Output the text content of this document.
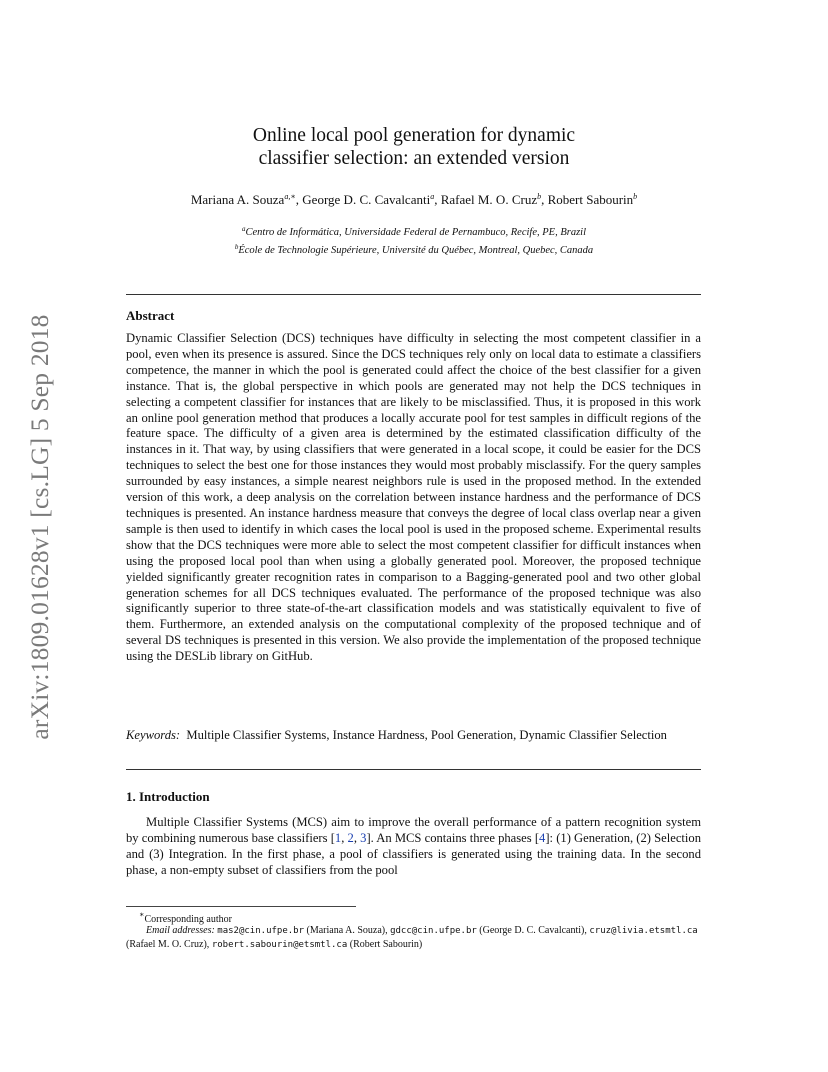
arXiv:1809.01628v1 [cs.LG] 5 Sep 2018
Online local pool generation for dynamic
classifier selection: an extended version
Mariana A. Souza$^{a,∗}$, George D. C. Cavalcanti$^a$, Rafael M. O. Cruz$^b$, Robert Sabourin$^b$
$^a$Centro de Informática, Universidade Federal de Pernambuco, Recife, PE, Brazil
$^b$École de Technologie Supérieure, Université du Québec, Montreal, Quebec, Canada
Abstract

Dynamic Classifier Selection (DCS) techniques have difficulty in selecting the most competent classifier in a pool, even when its presence is assured. Since the DCS techniques rely only on local data to estimate a classifiers competence, the manner in which the pool is generated could affect the choice of the best classifier for a given instance. That is, the global perspective in which pools are generated may not help the DCS techniques in selecting a competent classifier for instances that are likely to be misclassified. Thus, it is proposed in this work an online pool generation method that produces a locally accurate pool for test samples in difficult regions of the feature space. The difficulty of a given area is determined by the estimated classification difficulty of the instances in it. That way, by using classifiers that were generated in a local scope, it could be easier for the DCS techniques to select the best one for those instances they would most probably misclassify. For the query samples surrounded by easy instances, a simple nearest neighbors rule is used in the proposed method. In the extended version of this work, a deep analysis on the correlation between instance hardness and the performance of DCS techniques is presented. An instance hardness measure that conveys the degree of local class overlap near a given sample is then used to identify in which cases the local pool is used in the proposed scheme. Experimental results show that the DCS techniques were more able to select the most competent classifier for difficult instances when using the proposed local pool than when using a globally generated pool. Moreover, the proposed technique yielded significantly greater recognition rates in comparison to a Bagging-generated pool and two other global generation schemes for all DCS techniques evaluated. The performance of the proposed technique was also significantly superior to three state-of-the-art classification models and was statistically equivalent to five of them. Furthermore, an extended analysis on the computational complexity of the proposed technique and of several DS techniques is presented in this version. We also provide the implementation of the proposed technique using the DESLib library on GitHub.

Keywords: Multiple Classifier Systems, Instance Hardness, Pool Generation, Dynamic Classifier Selection

1. Introduction

Multiple Classifier Systems (MCS) aim to improve the overall performance of a pattern recognition system by combining numerous base classifiers [1, 2, 3]. An MCS contains three phases [4]: (1) Generation, (2) Selection and (3) Integration. In the first phase, a pool of classifiers is generated using the training data. In the second phase, a non-empty subset of classifiers from the pool

∗Corresponding author

Email addresses: mas2@cin.ufpe.br (Mariana A. Souza), gdcc@cin.ufpe.br (George D. C. Cavalcanti), cruz@livia.etsmtl.ca (Rafael M. O. Cruz), robert.sabourin@etsmtl.ca (Robert Sabourin)
